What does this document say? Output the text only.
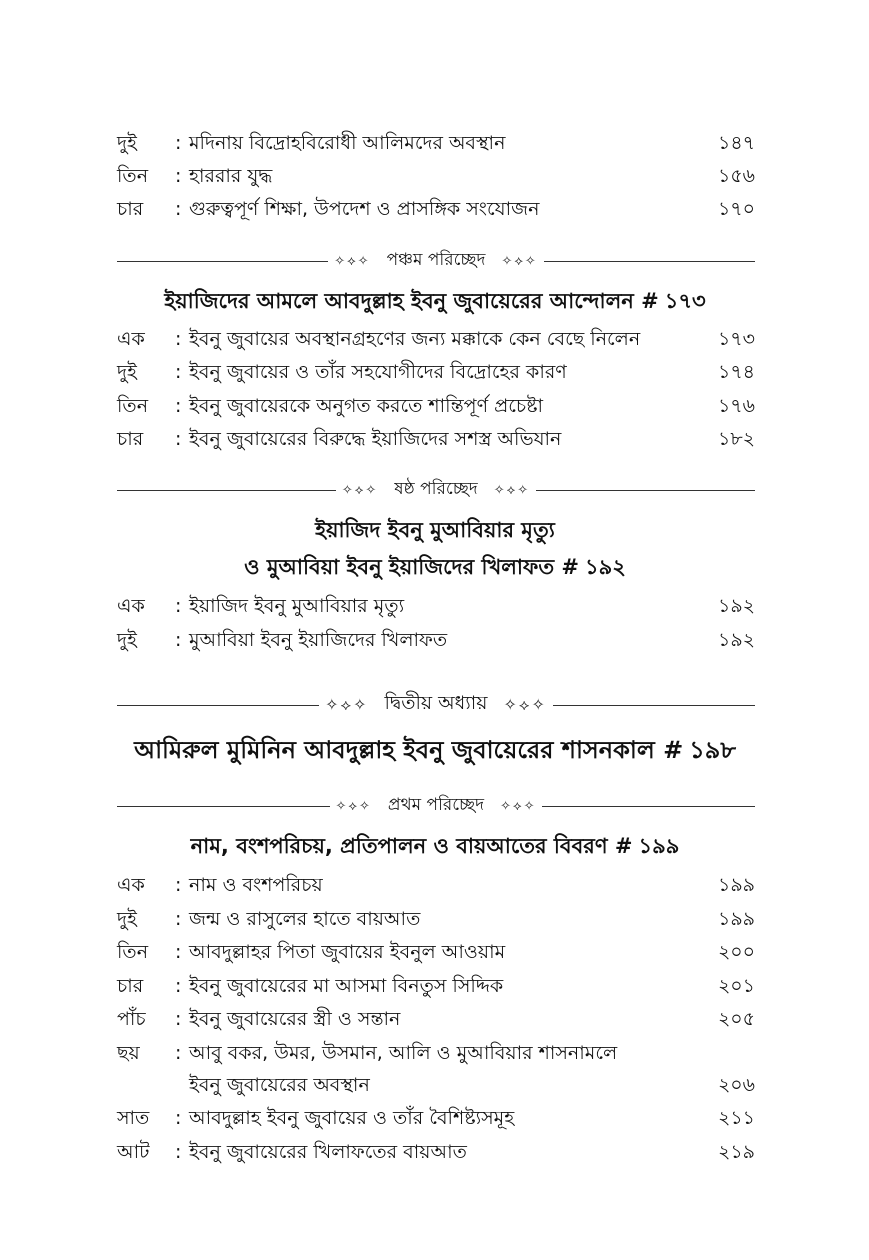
দুই	: মদিনায় বিদ্রোহবিরোধী আলিমদের অবস্থান	১৪৭
তিন	: হাররার যুদ্ধ	১৫৬
চার	: গুরুত্বপূর্ণ শিক্ষা, উপদেশ ও প্রাসঙ্গিক সংযোজন	১৭০
✧⟡✧ পঞ্চম পরিচ্ছেদ	✧⟡✧
ইয়াজিদের আমলে আবদুল্লাহ ইবনু জুবায়েরের আন্দোলন # ১৭৩
এক	: ইবনু জুবায়ের অবস্থানগ্রহণের জন্য মক্কাকে কেন বেছে নিলেন	১৭৩
দুই	: ইবনু জুবায়ের ও তাঁর সহযোগীদের বিদ্রোহের কারণ	১৭৪
তিন	: ইবনু জুবায়েরকে অনুগত করতে শান্তিপূর্ণ প্রচেষ্টা	১৭৬
চার	: ইবনু জুবায়েরের বিরুদ্ধে ইয়াজিদের সশস্ত্র অভিযান	১৮২
✧⟡✧ ষষ্ঠ পরিচ্ছেদ	✧⟡✧
ইয়াজিদ ইবনু মুআবিয়ার মৃত্যু
ও মুআবিয়া ইবনু ইয়াজিদের খিলাফত # ১৯২
এক	: ইয়াজিদ ইবনু মুআবিয়ার মৃত্যু	১৯২
দুই	: মুআবিয়া ইবনু ইয়াজিদের খিলাফত	১৯২
✧⟡✧ দ্বিতীয় অধ্যায়	✧⟡✧
আমিরুল মুমিনিন আবদুল্লাহ ইবনু জুবায়েরের শাসনকাল # ১৯৮
✧⟡✧ প্রথম পরিচ্ছেদ	✧⟡✧
নাম, বংশপরিচয়, প্রতিপালন ও বায়আতের বিবরণ # ১৯৯
এক	: নাম ও বংশপরিচয়	১৯৯
দুই	: জন্ম ও রাসুলের হাতে বায়আত	১৯৯
তিন	: আবদুল্লাহর পিতা জুবায়ের ইবনুল আওয়াম	২০০
চার	: ইবনু জুবায়েরের মা আসমা বিনতুস সিদ্দিক	২০১
পাঁচ	: ইবনু জুবায়েরের স্ত্রী ও সন্তান	২০৫
ছয়	: আবু বকর, উমর, উসমান, আলি ও মুআবিয়ার শাসনামলে
ইবনু জুবায়েরের অবস্থান	২০৬
সাত	: আবদুল্লাহ ইবনু জুবায়ের ও তাঁর বৈশিষ্ট্যসমূহ	২১১
আট	: ইবনু জুবায়েরের খিলাফতের বায়আত	২১৯
